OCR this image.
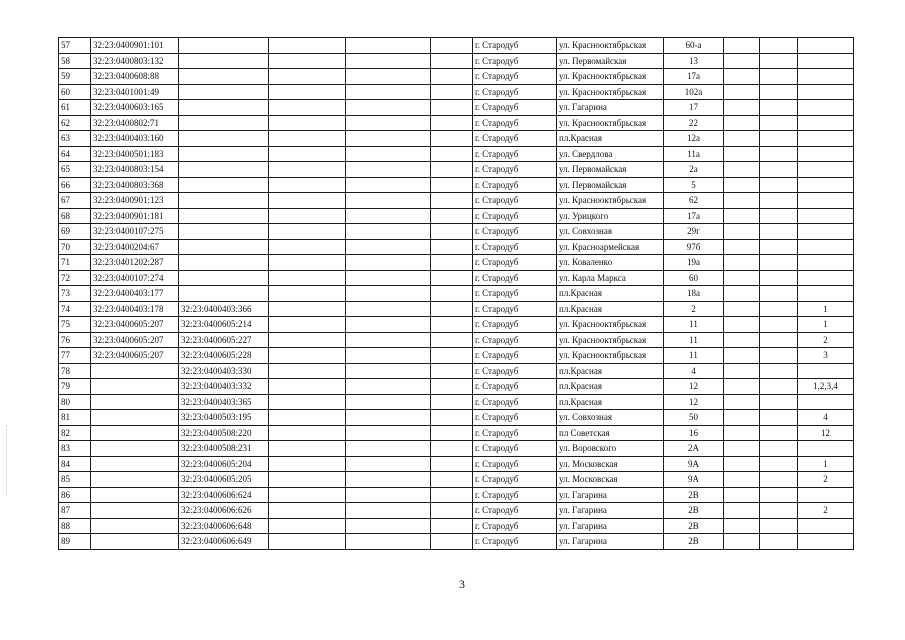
57	32:23:0400901:101					г. Стародуб	ул. Красноoктябрьская	60-а			
58	32:23:0400803:132					г. Стародуб	ул. Первомайская	13			
59	32:23:0400608:88					г. Стародуб	ул. Красноoктябрьская	17а			
60	32:23:0401001:49					г. Стародуб	ул. Красноoктябрьская	102а			
61	32:23:0400603:165					г. Стародуб	ул. Гагарина	17			
62	32:23:0400802:71					г. Стародуб	ул. Красноoктябрьская	22			
63	32:23:0400403:160					г. Стародуб	пл.Красная	12а			
64	32:23:0400501:183					г. Стародуб	ул. Свердлова	11а			
65	32:23:0400803:154					г. Стародуб	ул. Первомайская	2а			
66	32:23:0400803:368					г. Стародуб	ул. Первомайская	5			
67	32:23:0400901:123					г. Стародуб	ул. Красноoктябрьская	62			
68	32:23:0400901:181					г. Стародуб	ул. Урицкого	17а			
69	32:23:0400107:275					г. Стародуб	ул. Совхозная	29г			
70	32:23:0400204:67					г. Стародуб	ул. Красноармейская	97б			
71	32:23:0401202:287					г. Стародуб	ул. Коваленко	19а			
72	32:23:0400107:274					г. Стародуб	ул. Карла Маркса	60			
73	32:23:0400403:177					г. Стародуб	пл.Красная	18а			
74	32:23:0400403:178	32:23:0400403:366				г. Стародуб	пл.Красная	2			1
75	32:23:0400605:207	32:23:0400605:214				г. Стародуб	ул. Красноoктябрьская	11			1
76	32:23:0400605:207	32:23:0400605:227				г. Стародуб	ул. Красноoктябрьская	11			2
77	32:23:0400605:207	32:23:0400605:228				г. Стародуб	ул. Красноoктябрьская	11			3
78		32:23:0400403:330				г. Стародуб	пл.Красная	4			
79		32:23:0400403:332				г. Стародуб	пл.Красная	12			1,2,3,4
80		32:23:0400403:365				г. Стародуб	пл.Красная	12			
81		32:23:0400503:195				г. Стародуб	ул. Совхозная	50			4
82		32:23:0400508:220				г. Стародуб	пл Советская	16			12
83		32:23:0400508:231				г. Стародуб	ул. Воровского	2А			
84		32:23:0400605:204				г. Стародуб	ул. Московская	9А			1
85		32:23:0400605:205				г. Стародуб	ул. Московская	9А			2
86		32:23:0400606:624				г. Стародуб	ул. Гагарина	2В			
87		32:23:0400606:626				г. Стародуб	ул. Гагарина	2В			2
88		32:23:0400606:648				г. Стародуб	ул. Гагарина	2В			
89		32:23:0400606:649				г. Стародуб	ул. Гагарина	2В			
3
